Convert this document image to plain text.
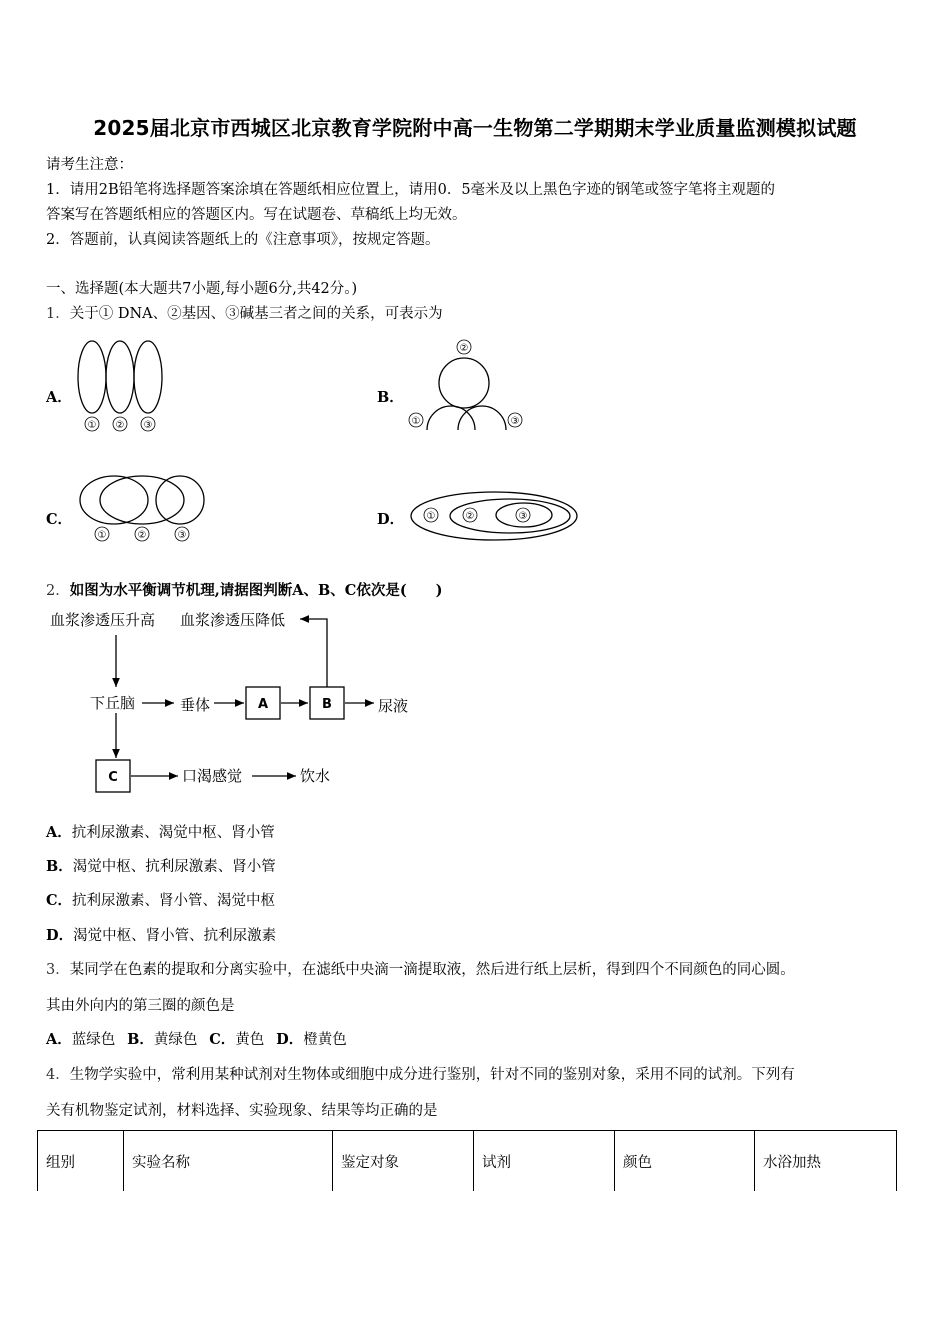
2025届北京市西城区北京教育学院附中高一生物第二学期期末学业质量监测模拟试题
请考生注意：
1．请用2B铅笔将选择题答案涂填在答题纸相应位置上，请用0．5毫米及以上黑色字迹的钢笔或签字笔将主观题的
答案写在答题纸相应的答题区内。写在试题卷、草稿纸上均无效。
2．答题前，认真阅读答题纸上的《注意事项》，按规定答题。
一、选择题(本大题共7小题,每小题6分,共42分。)
1．关于① DNA、②基因、③碱基三者之间的关系，可表示为
A．
① ② ③
B．
②
①	③
C．
①	②	③
D． ①	②	③
2．如图为水平衡调节机理,请据图判断A、B、C依次是(　　)
血浆渗透压升高 血浆渗透压降低
下丘脑	垂体	尿液
口渴感觉	饮水
A	B
C
A．抗利尿激素、渴觉中枢、肾小管
B．渴觉中枢、抗利尿激素、肾小管
C．抗利尿激素、肾小管、渴觉中枢
D．渴觉中枢、肾小管、抗利尿激素
3．某同学在色素的提取和分离实验中，在滤纸中央滴一滴提取液，然后进行纸上层析，得到四个不同颜色的同心圆。
其由外向内的第三圈的颜色是
A．蓝绿色  B．黄绿色  C．黄色  D．橙黄色
4．生物学实验中，常利用某种试剂对生物体或细胞中成分进行鉴别，针对不同的鉴别对象，采用不同的试剂。下列有
关有机物鉴定试剂，材料选择、实验现象、结果等均正确的是
组别	实验名称	鉴定对象	试剂	颜色	水浴加热
